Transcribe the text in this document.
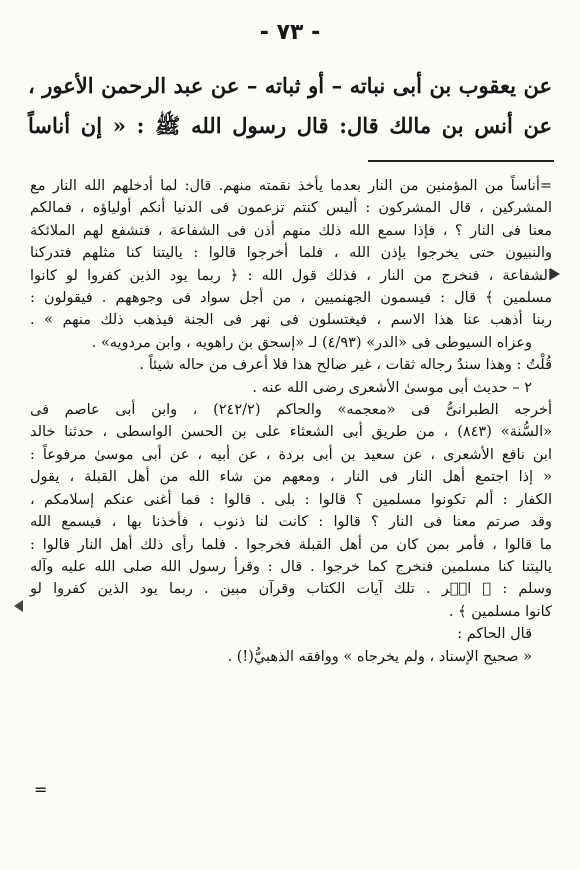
- ٧٣ -
عن يعقوب بن أبى نباته – أو ثباته – عن عبد الرحمن الأعور ،
عن أنس بن مالك قال: قال رسول الله ﷺ : « إن أناساً
=أناساً من المؤمنين من النار بعدما يأخذ نقمته منهم. قال: لما أدخلهم الله النار مع
المشركين ، قال المشركون : أليس كنتم تزعمون فى الدنيا أنكم أولياؤه ، فمالكم
معنا فى النار ؟ ، فإذا سمع الله ذلك منهم أذن فى الشفاعة ، فتشفع لهم الملائكة
والنبيون حتى يخرجوا بإذن الله ، فلما أخرجوا قالوا : ياليتنا كنا مثلهم فتدركنا
الشفاعة ، فنخرج من النار ، فذلك قول الله : ﴿ ربما يود الذين كفروا لو كانوا
مسلمين ﴾ قال : فيسمون الجهنميين ، من أجل سواد فى وجوههم . فيقولون :
ربنا أذهب عنا هذا الاسم ، فيغتسلون فى نهر فى الجنة فيذهب ذلك منهم » .
وعزاه السيوطى فى «الدر» (٤/٩٣) لـ «إسحق بن راهويه ، وابن مردويه» .
قُلْتُ : وهذا سندٌ رجاله ثقات ، غير صالح هذا فلا أعرف من حاله شيئاً .
٢ – حديث أبى موسىٰ الأشعرى رضى الله عنه .
أخرجه الطبرانىُّ فى «معجمه» والحاكم (٢٤٢/٢) ، وابن أبى عاصم فى
«السُّنة» (٨٤٣) ، من طريق أبى الشعثاء على بن الحسن الواسطى ، حدثنا خالد
ابن نافع الأشعرى ، عن سعيد بن أبى بردة ، عن أبيه ، عن أبى موسىٰ مرفوعاً :
« إذا اجتمع أهل النار فى النار ، ومعهم من شاء الله من أهل القبلة ، يقول
الكفار : ألم تكونوا مسلمين ؟ قالوا : بلى . قالوا : فما أغنى عنكم إسلامكم ،
وقد صرتم معنا فى النار ؟ قالوا : كانت لنا ذنوب ، فأخذنا بها ، فيسمع الله
ما قالوا ، فأمر بمن كان من أهل القبلة فخرجوا . فلما رأى ذلك أهل النار قالوا :
ياليتنا كنا مسلمين فنخرج كما خرجوا . قال : وقرأ رسول الله صلى الله عليه وآله
وسلم : ﴿ الۤر . تلك آيات الكتاب وقرآن مبين . ربما يود الذين كفروا لو
كانوا مسلمين ﴾ .
قال الحاكم :
« صحيح الإسناد ، ولم يخرجاه » ووافقه الذهبيُّ(!) .
=
